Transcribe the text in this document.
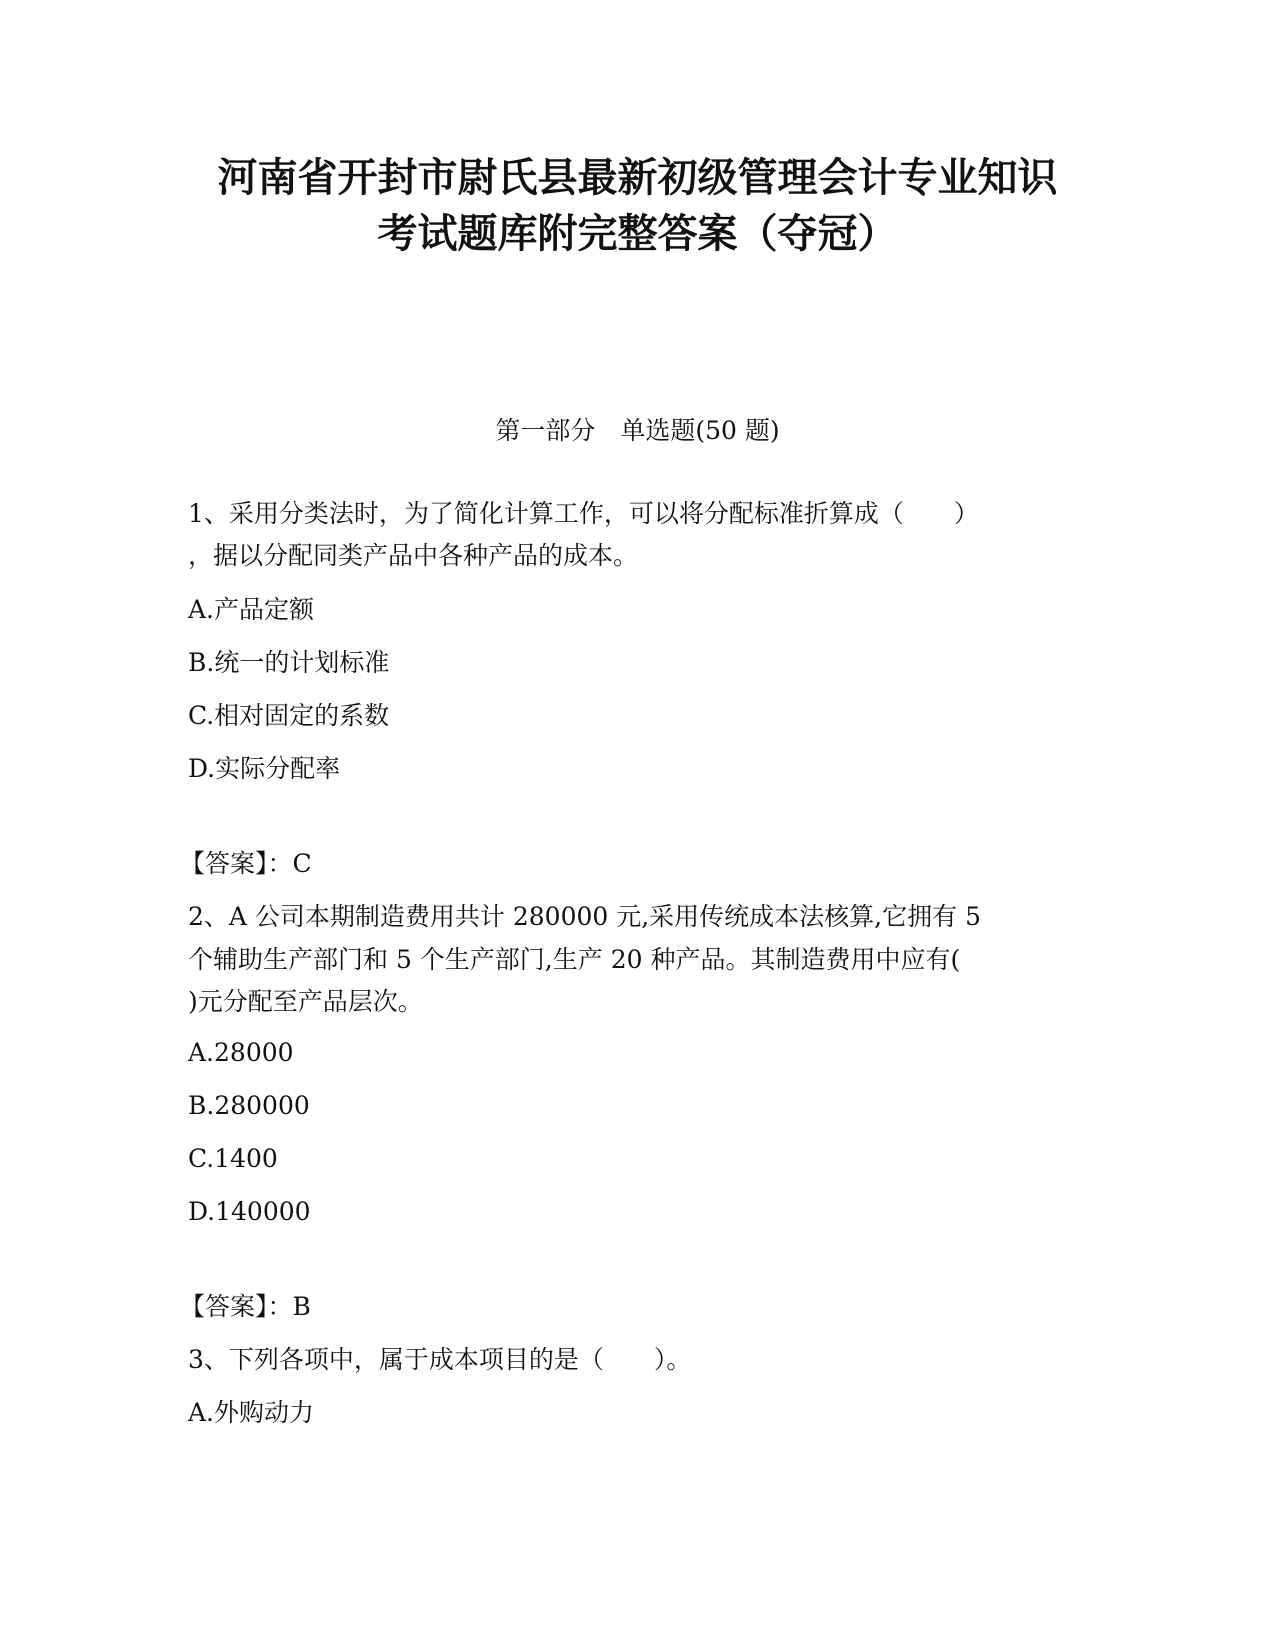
河南省开封市尉氏县最新初级管理会计专业知识
考试题库附完整答案（夺冠）
第一部分　单选题(50 题)
1、采用分类法时，为了简化计算工作，可以将分配标准折算成（　　）
，据以分配同类产品中各种产品的成本。
A.产品定额
B.统一的计划标准
C.相对固定的系数
D.实际分配率
【答案】：C
2、A 公司本期制造费用共计 280000 元,采用传统成本法核算,它拥有 5
个辅助生产部门和 5 个生产部门,生产 20 种产品。其制造费用中应有(
)元分配至产品层次。
A.28000
B.280000
C.1400
D.140000
【答案】：B
3、下列各项中，属于成本项目的是（　　）。
A.外购动力
